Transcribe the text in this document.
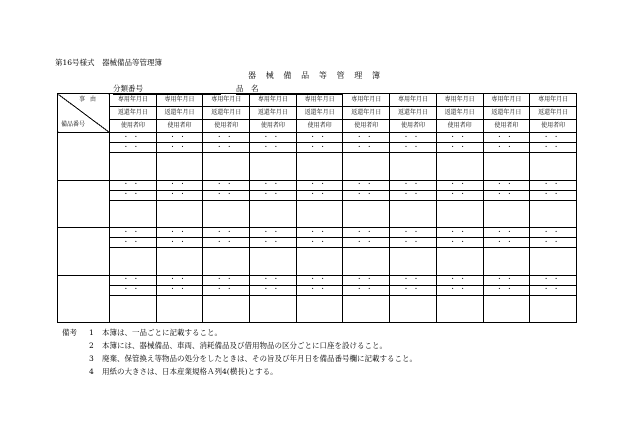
第16号様式　器械備品等管理簿
器械備品等管理簿
分類番号	品　名
事由
備品番号	専用年月日	専用年月日	専用年月日	専用年月日	専用年月日	専用年月日	専用年月日	専用年月日	専用年月日	専用年月日
	返還年月日	返還年月日	返還年月日	返還年月日	返還年月日	返還年月日	返還年月日	返還年月日	返還年月日	返還年月日
	使用者印	使用者印	使用者印	使用者印	使用者印	使用者印	使用者印	使用者印	使用者印	使用者印
	・・	・・	・・	・・	・・	・・	・・	・・	・・	・・
	・・	・・	・・	・・	・・	・・	・・	・・	・・	・・

	・・	・・	・・	・・	・・	・・	・・	・・	・・	・・
	・・	・・	・・	・・	・・	・・	・・	・・	・・	・・

	・・	・・	・・	・・	・・	・・	・・	・・	・・	・・
	・・	・・	・・	・・	・・	・・	・・	・・	・・	・・

	・・	・・	・・	・・	・・	・・	・・	・・	・・	・・
	・・	・・	・・	・・	・・	・・	・・	・・	・・	・・

備考 1 本簿は、一品ごとに記載すること。
2 本簿には、器械備品、車両、消耗備品及び借用物品の区分ごとに口座を設けること。
3 廃棄、保管換え等物品の処分をしたときは、その旨及び年月日を備品番号欄に記載すること。
4 用紙の大きさは、日本産業規格Ａ列4(横長)とする。
